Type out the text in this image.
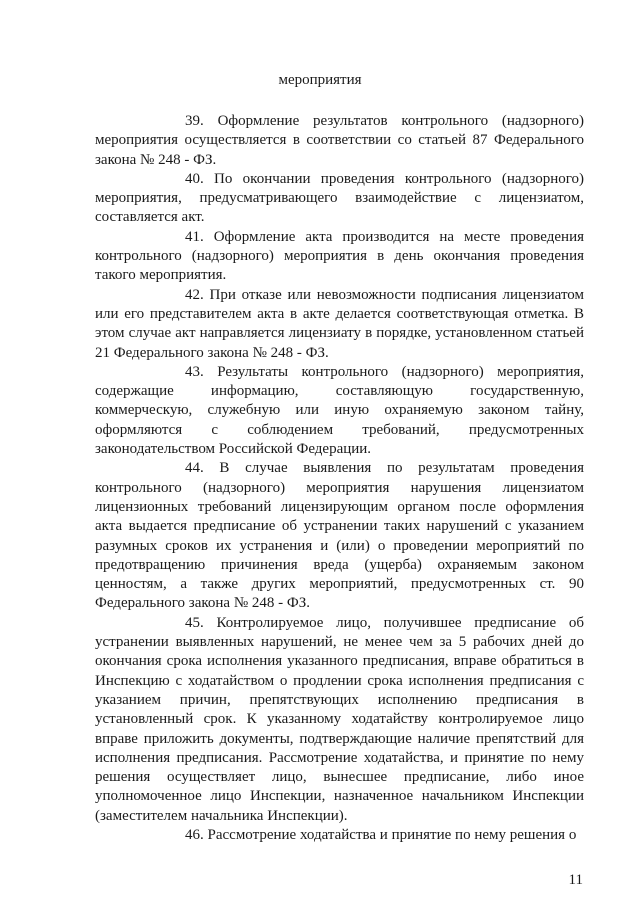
мероприятия

39. Оформление результатов контрольного (надзорного) мероприятия осуществляется в соответствии со статьей 87 Федерального закона № 248 - ФЗ.

40. По окончании проведения контрольного (надзорного) мероприятия, предусматривающего взаимодействие с лицензиатом, составляется акт.

41. Оформление акта производится на месте проведения контрольного (надзорного) мероприятия в день окончания проведения такого мероприятия.

42. При отказе или невозможности подписания лицензиатом или его представителем акта в акте делается соответствующая отметка. В этом случае акт направляется лицензиату в порядке, установленном статьей 21 Федерального закона № 248 - ФЗ.

43. Результаты контрольного (надзорного) мероприятия, содержащие информацию, составляющую государственную, коммерческую, служебную или иную охраняемую законом тайну, оформляются с соблюдением требований, предусмотренных законодательством Российской Федерации.

44. В случае выявления по результатам проведения контрольного (надзорного) мероприятия нарушения лицензиатом лицензионных требований лицензирующим органом после оформления акта выдается предписание об устранении таких нарушений с указанием разумных сроков их устранения и (или) о проведении мероприятий по предотвращению причинения вреда (ущерба) охраняемым законом ценностям, а также других мероприятий, предусмотренных ст. 90 Федерального закона № 248 - ФЗ.

45. Контролируемое лицо, получившее предписание об устранении выявленных нарушений, не менее чем за 5 рабочих дней до окончания срока исполнения указанного предписания, вправе обратиться в Инспекцию с ходатайством о продлении срока исполнения предписания с указанием причин, препятствующих исполнению предписания в установленный срок. К указанному ходатайству контролируемое лицо вправе приложить документы, подтверждающие наличие препятствий для исполнения предписания. Рассмотрение ходатайства, и принятие по нему решения осуществляет лицо, вынесшее предписание, либо иное уполномоченное лицо Инспекции, назначенное начальником Инспекции (заместителем начальника Инспекции).

46. Рассмотрение ходатайства и принятие по нему решения о

11
